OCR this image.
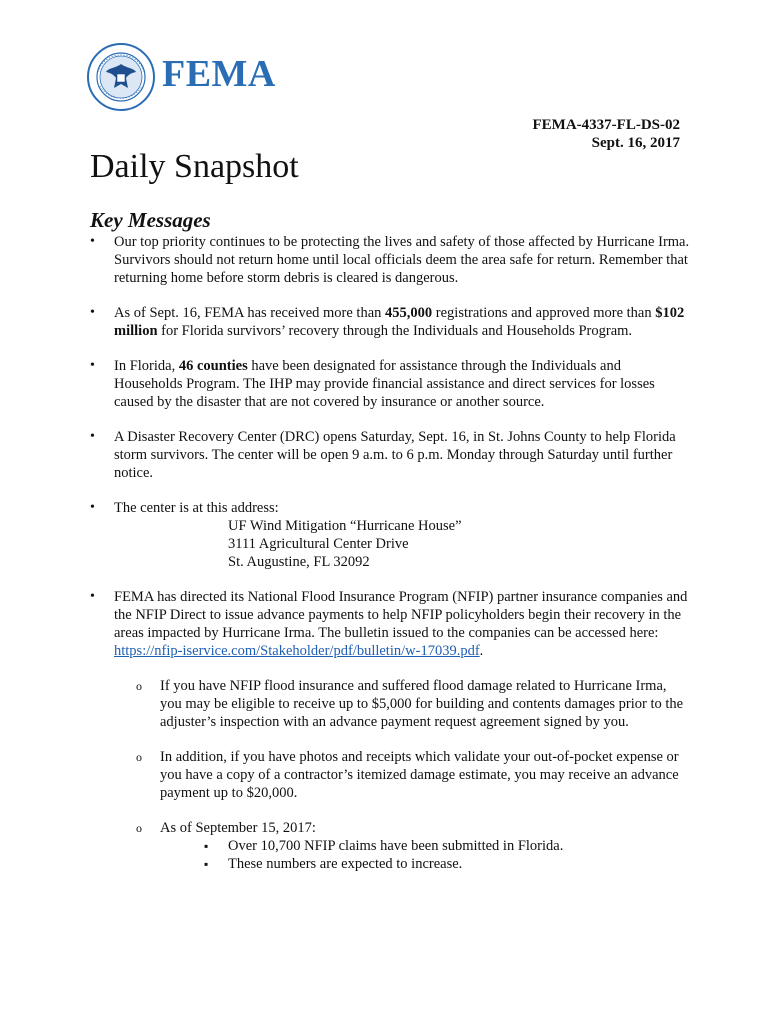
FEMA
FEMA-4337-FL-DS-02
Sept. 16, 2017
Daily Snapshot
Key Messages
• Our top priority continues to be protecting the lives and safety of those affected by Hurricane Irma. Survivors should not return home until local officials deem the area safe for return. Remember that returning home before storm debris is cleared is dangerous.
• As of Sept. 16, FEMA has received more than 455,000 registrations and approved more than $102 million for Florida survivors’ recovery through the Individuals and Households Program.
• In Florida, 46 counties have been designated for assistance through the Individuals and Households Program. The IHP may provide financial assistance and direct services for losses caused by the disaster that are not covered by insurance or another source.
• A Disaster Recovery Center (DRC) opens Saturday, Sept. 16, in St. Johns County to help Florida storm survivors. The center will be open 9 a.m. to 6 p.m. Monday through Saturday until further notice.
• The center is at this address:
UF Wind Mitigation “Hurricane House”
3111 Agricultural Center Drive
St. Augustine, FL 32092
• FEMA has directed its National Flood Insurance Program (NFIP) partner insurance companies and the NFIP Direct to issue advance payments to help NFIP policyholders begin their recovery in the areas impacted by Hurricane Irma. The bulletin issued to the companies can be accessed here: https://nfip-iservice.com/Stakeholder/pdf/bulletin/w-17039.pdf.
o If you have NFIP flood insurance and suffered flood damage related to Hurricane Irma, you may be eligible to receive up to $5,000 for building and contents damages prior to the adjuster’s inspection with an advance payment request agreement signed by you.
o In addition, if you have photos and receipts which validate your out-of-pocket expense or you have a copy of a contractor’s itemized damage estimate, you may receive an advance payment up to $20,000.
o As of September 15, 2017:
▪ Over 10,700 NFIP claims have been submitted in Florida.
▪ These numbers are expected to increase.
